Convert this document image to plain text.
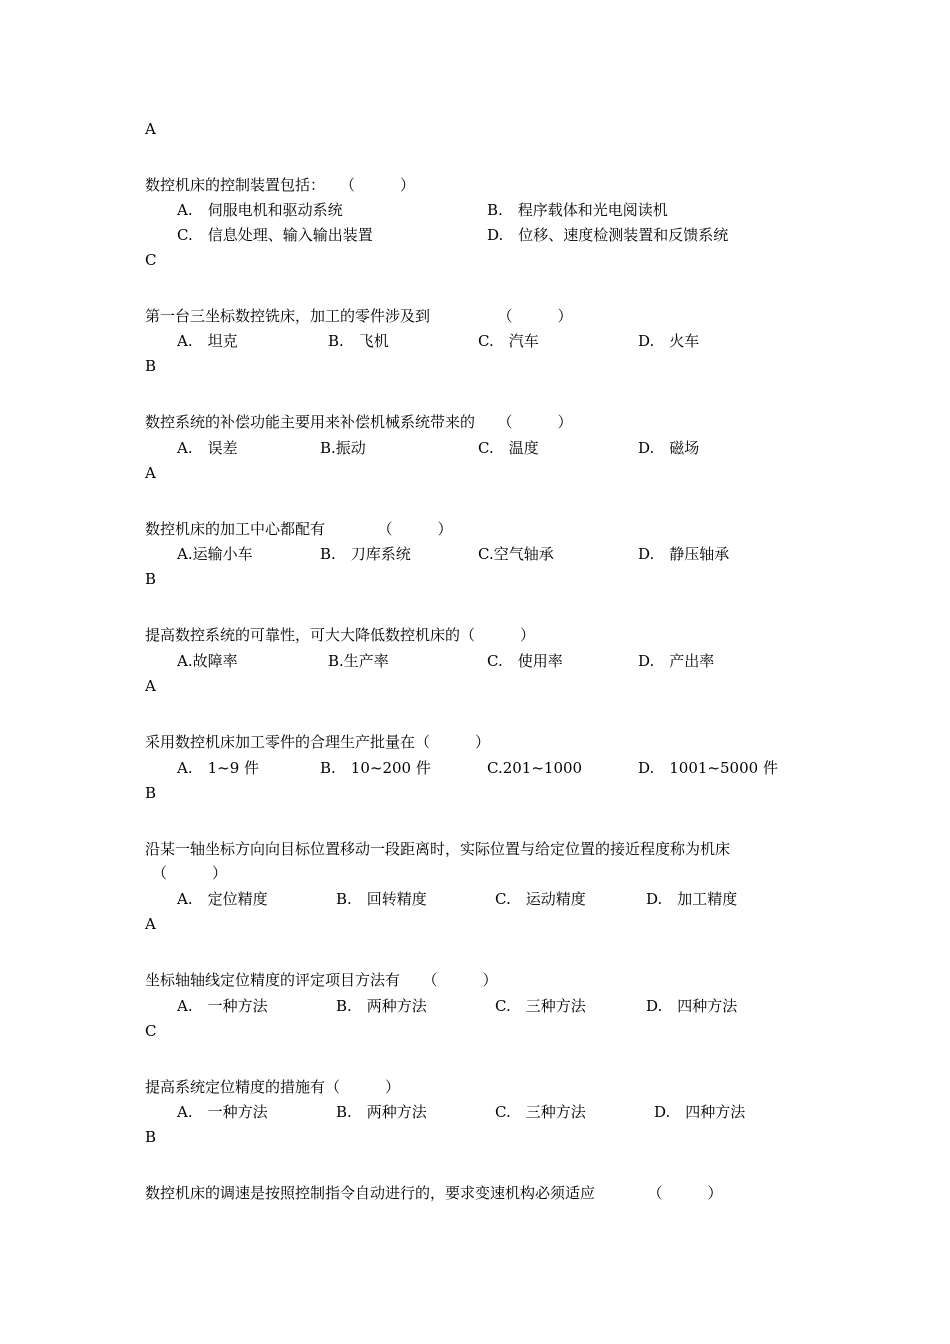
A
数控机床的控制装置包括：　　（　　　）
A.　伺服电机和驱动系统	B.　程序载体和光电阅读机
C.　信息处理、输入输出装置	D.　位移、速度检测装置和反馈系统
C
第一台三坐标数控铣床，加工的零件涉及到　　　　　（　　　）
A.　坦克	B.　飞机	C.　汽车	D.　火车
B
数控系统的补偿功能主要用来补偿机械系统带来的　　（　　　）
A.　误差	B.振动	C.　温度	D.　磁场
A
数控机床的加工中心都配有　　　　（　　　）
A.运输小车	B.　刀库系统	C.空气轴承	D.　静压轴承
B
提高数控系统的可靠性，可大大降低数控机床的（　　　）
A.故障率	B.生产率	C.　使用率	D.　产出率
A
采用数控机床加工零件的合理生产批量在（　　　）
A.　1~9 件	B.　10~200 件	C.201~1000	D.　1001~5000 件
B
沿某一轴坐标方向向目标位置移动一段距离时，实际位置与给定位置的接近程度称为机床
（　　　）
A.　定位精度	B.　回转精度	C.　运动精度	D.　加工精度
A
坐标轴轴线定位精度的评定项目方法有　　（　　　）
A.　一种方法	B.　两种方法	C.　三种方法	D.　四种方法
C
提高系统定位精度的措施有（　　　）
A.　一种方法	B.　两种方法	C.　三种方法	D.　四种方法
B
数控机床的调速是按照控制指令自动进行的，要求变速机构必须适应　　　　（　　　）
